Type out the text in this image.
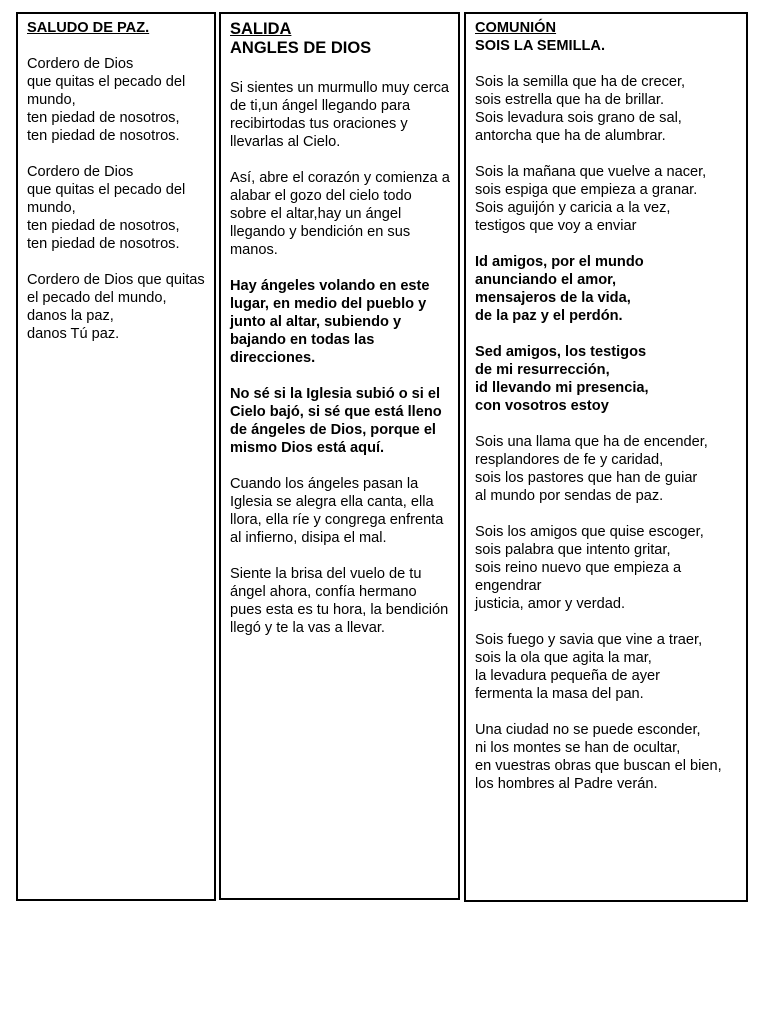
SALUDO DE PAZ.
Cordero de Dios
que quitas el pecado del mundo,
ten piedad de nosotros,
ten piedad de nosotros.
Cordero de Dios
que quitas el pecado del mundo,
ten piedad de nosotros,
ten piedad de nosotros.
Cordero de Dios que quitas el pecado del mundo,
danos la paz,
danos Tú paz.
SALIDA
ANGLES DE DIOS
Si sientes un murmullo muy cerca de ti,un ángel llegando para recibirtodas tus oraciones y llevarlas al Cielo.
Así, abre el corazón y comienza a alabar el gozo del cielo todo sobre el altar,hay un ángel llegando y bendición en sus manos.
Hay ángeles volando en este lugar, en medio del pueblo y junto al altar, subiendo y bajando en todas las direcciones.
No sé si la Iglesia subió o si el Cielo bajó, si sé que está lleno de ángeles de Dios, porque el mismo Dios está aquí.
Cuando los ángeles pasan la Iglesia se alegra ella canta, ella llora, ella ríe y congrega enfrenta al infierno, disipa el mal.
Siente la brisa del vuelo de tu ángel ahora, confía hermano pues esta es tu hora, la bendición llegó y te la vas a llevar.
COMUNIÓN
SOIS LA SEMILLA.
Sois la semilla que ha de crecer,
sois estrella que ha de brillar.
Sois levadura sois grano de sal,
antorcha que ha de alumbrar.
Sois la mañana que vuelve a nacer,
sois espiga que empieza a granar.
Sois aguijón y caricia a la vez,
testigos que voy a enviar
Id amigos, por el mundo
anunciando el amor,
mensajeros de la vida,
de la paz y el perdón.
Sed amigos, los testigos
de mi resurrección,
id llevando mi presencia,
con vosotros estoy
Sois una llama que ha de encender,
resplandores de fe y caridad,
sois los pastores que han de guiar
al mundo por sendas de paz.
Sois los amigos que quise escoger,
sois palabra que intento gritar,
sois reino nuevo que empieza a engendrar
justicia, amor y verdad.
Sois fuego y savia que vine a traer,
sois la ola que agita la mar,
la levadura pequeña de ayer
fermenta la masa del pan.
Una ciudad no se puede esconder,
ni los montes se han de ocultar,
en vuestras obras que buscan el bien,
los hombres al Padre verán.
